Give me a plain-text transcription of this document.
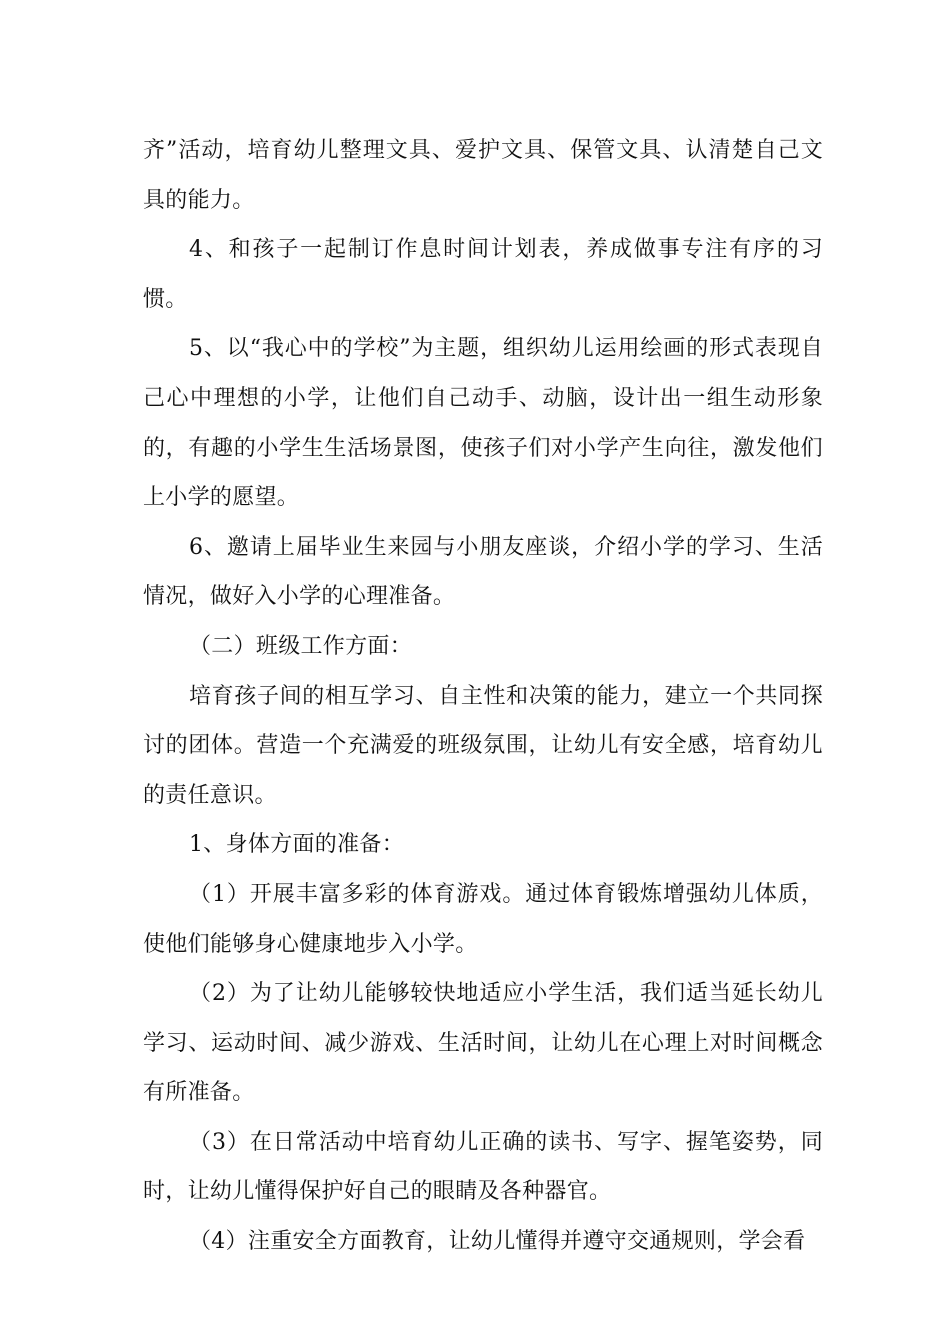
齐”活动，培育幼儿整理文具、爱护文具、保管文具、认清楚自己文具的能力。

4、和孩子一起制订作息时间计划表，养成做事专注有序的习惯。

5、以“我心中的学校”为主题，组织幼儿运用绘画的形式表现自己心中理想的小学，让他们自己动手、动脑，设计出一组生动形象的，有趣的小学生生活场景图，使孩子们对小学产生向往，激发他们上小学的愿望。

6、邀请上届毕业生来园与小朋友座谈，介绍小学的学习、生活情况，做好入小学的心理准备。

（二）班级工作方面：

培育孩子间的相互学习、自主性和决策的能力，建立一个共同探讨的团体。营造一个充满爱的班级氛围，让幼儿有安全感，培育幼儿的责任意识。

1、身体方面的准备：

（1）开展丰富多彩的体育游戏。通过体育锻炼增强幼儿体质，使他们能够身心健康地步入小学。

（2）为了让幼儿能够较快地适应小学生活，我们适当延长幼儿学习、运动时间、减少游戏、生活时间，让幼儿在心理上对时间概念有所准备。

（3）在日常活动中培育幼儿正确的读书、写字、握笔姿势，同时，让幼儿懂得保护好自己的眼睛及各种器官。

（4）注重安全方面教育，让幼儿懂得并遵守交通规则，学会看
